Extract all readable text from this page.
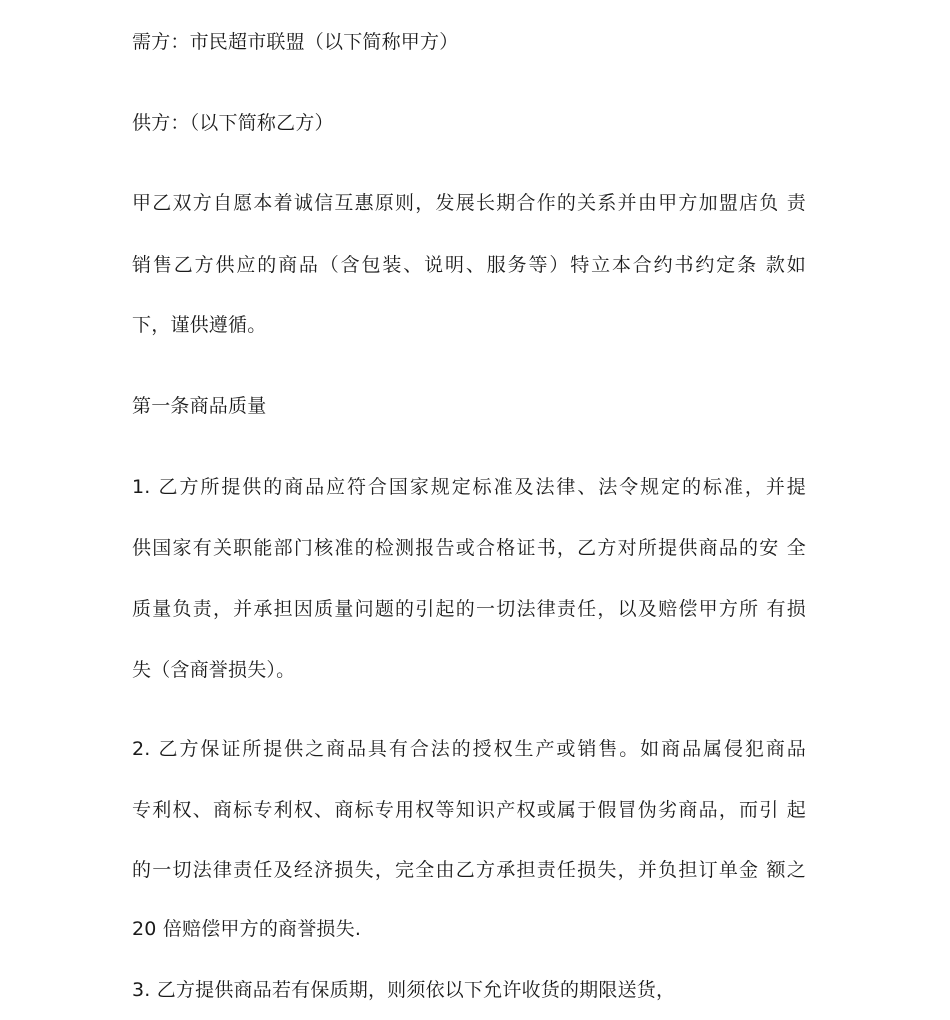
需方：市民超市联盟（以下简称甲方）
供方：（以下简称乙方）
甲乙双方自愿本着诚信互惠原则，发展长期合作的关系并由甲方加盟店负 责
销售乙方供应的商品（含包装、说明、服务等）特立本合约书约定条 款如
下，谨供遵循。
第一条商品质量
1. 乙方所提供的商品应符合国家规定标准及法律、法令规定的标准，并提
供国家有关职能部门核准的检测报告或合格证书，乙方对所提供商品的安 全
质量负责，并承担因质量问题的引起的一切法律责任，以及赔偿甲方所 有损
失（含商誉损失）。
2. 乙方保证所提供之商品具有合法的授权生产或销售。如商品属侵犯商品
专利权、商标专利权、商标专用权等知识产权或属于假冒伪劣商品，而引 起
的一切法律责任及经济损失，完全由乙方承担责任损失，并负担订单金 额之
20 倍赔偿甲方的商誉损失.
3. 乙方提供商品若有保质期，则须依以下允许收货的期限送货，
